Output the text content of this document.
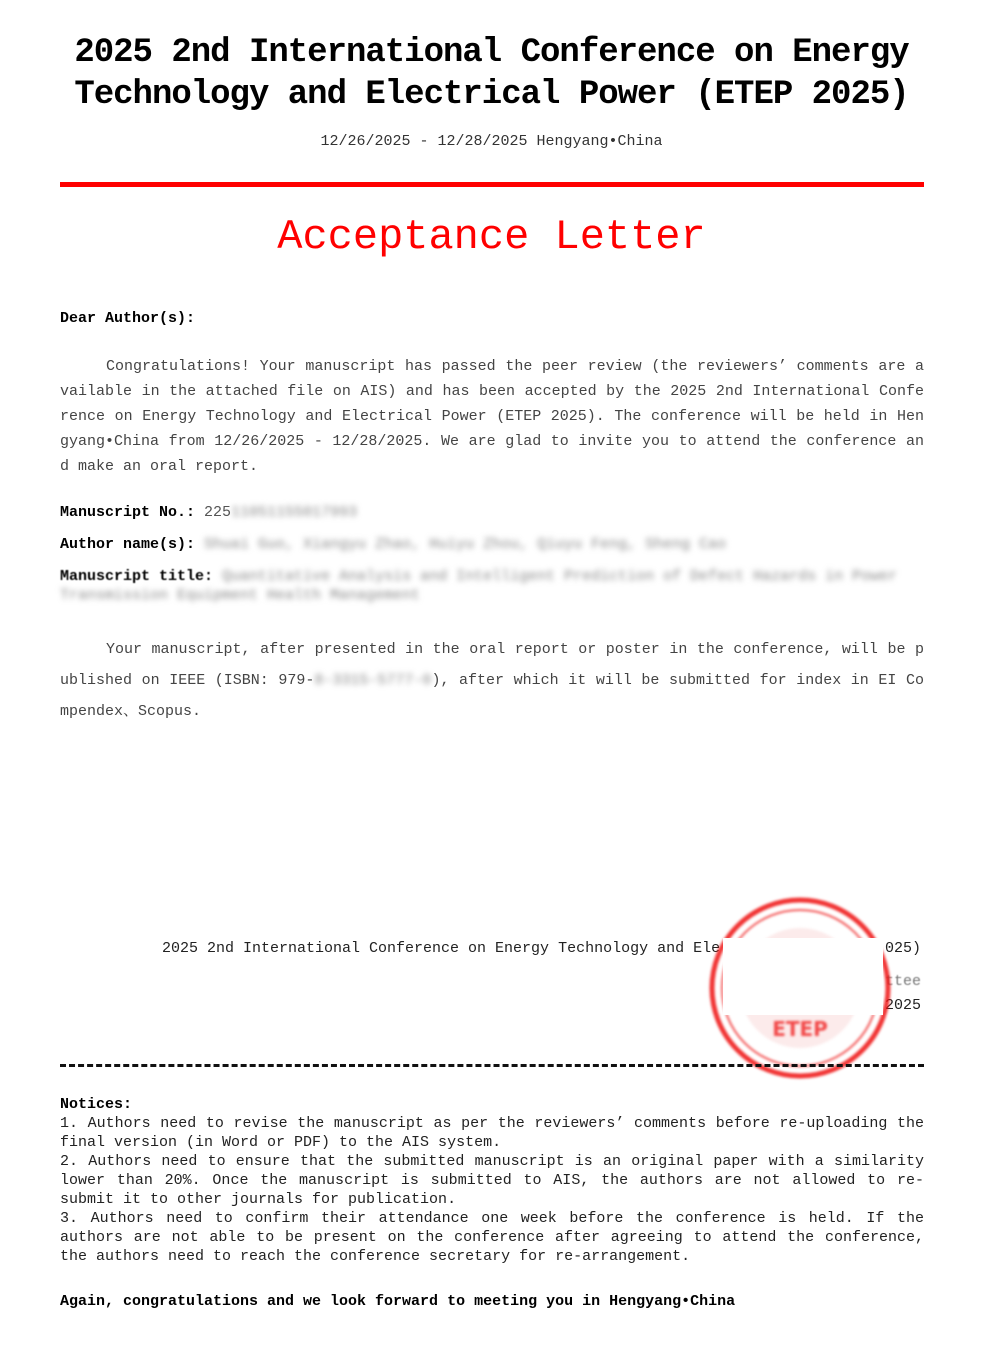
2025 2nd International Conference on Energy
Technology and Electrical Power (ETEP 2025)
12/26/2025 - 12/28/2025 Hengyang•China
Acceptance Letter
Dear Author(s):
Congratulations! Your manuscript has passed the peer review (the reviewers’ comments are available in the attached file on AIS) and has been accepted by the 2025 2nd International Conference on Energy Technology and Electrical Power (ETEP 2025). The conference will be held in Hengyang•China from 12/26/2025 - 12/28/2025. We are glad to invite you to attend the conference and make an oral report.
Manuscript No.: 22511051155017993
Author name(s): Shuai Guo, Xiangyu Zhao, Huiyu Zhou, Qiuyu Feng, Sheng Cao
Manuscript title: Quantitative Analysis and Intelligent Prediction of Defect Hazards in Power Transmission Equipment Health Management
Your manuscript, after presented in the oral report or poster in the conference, will be published on IEEE (ISBN: 979-8-3315-5777-0), after which it will be submitted for index in EI Compendex、Scopus.
2025 2nd International Conference on Energy Technology and Ele	025)
ttee
2025
ETEP
Notices:
1. Authors need to revise the manuscript as per the reviewers’ comments before re-uploading the final version (in Word or PDF) to the AIS system.
2. Authors need to ensure that the submitted manuscript is an original paper with a similarity lower than 20%. Once the manuscript is submitted to AIS, the authors are not allowed to re-submit it to other journals for publication.
3. Authors need to confirm their attendance one week before the conference is held. If the authors are not able to be present on the conference after agreeing to attend the conference, the authors need to reach the conference secretary for re-arrangement.
Again, congratulations and we look forward to meeting you in Hengyang•China
